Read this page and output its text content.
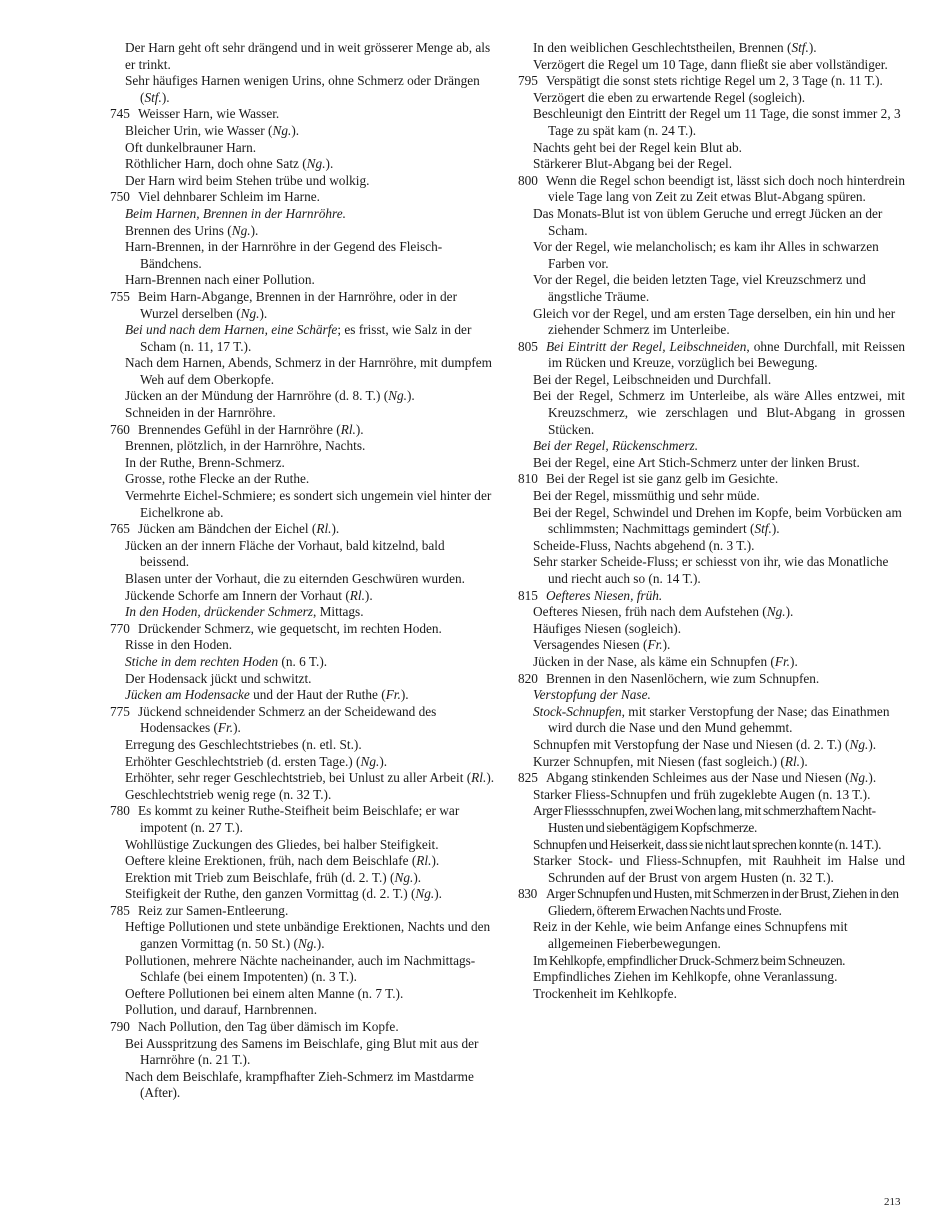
Der Harn geht oft sehr drängend und in weit grösserer Menge ab, als er trinkt.

Sehr häufiges Harnen wenigen Urins, ohne Schmerz oder Drängen (Stf.).

745 Weisser Harn, wie Wasser.

Bleicher Urin, wie Wasser (Ng.).

Oft dunkelbrauner Harn.

Röthlicher Harn, doch ohne Satz (Ng.).

Der Harn wird beim Stehen trübe und wolkig.

750 Viel dehnbarer Schleim im Harne.

Beim Harnen, Brennen in der Harnröhre.

Brennen des Urins (Ng.).

Harn-Brennen, in der Harnröhre in der Gegend des Fleisch-Bändchens.

Harn-Brennen nach einer Pollution.

755 Beim Harn-Abgange, Brennen in der Harnröhre, oder in der Wurzel derselben (Ng.).

Bei und nach dem Harnen, eine Schärfe; es frisst, wie Salz in der Scham (n. 11, 17 T.).

Nach dem Harnen, Abends, Schmerz in der Harnröhre, mit dumpfem Weh auf dem Oberkopfe.

Jücken an der Mündung der Harnröhre (d. 8. T.) (Ng.).

Schneiden in der Harnröhre.

760 Brennendes Gefühl in der Harnröhre (Rl.).

Brennen, plötzlich, in der Harnröhre, Nachts.

In der Ruthe, Brenn-Schmerz.

Grosse, rothe Flecke an der Ruthe.

Vermehrte Eichel-Schmiere; es sondert sich ungemein viel hinter der Eichelkrone ab.

765 Jücken am Bändchen der Eichel (Rl.).

Jücken an der innern Fläche der Vorhaut, bald kitzelnd, bald beissend.

Blasen unter der Vorhaut, die zu eiternden Geschwüren wurden.

Jückende Schorfe am Innern der Vorhaut (Rl.).

In den Hoden, drückender Schmerz, Mittags.

770 Drückender Schmerz, wie gequetscht, im rechten Hoden.

Risse in den Hoden.

Stiche in dem rechten Hoden (n. 6 T.).

Der Hodensack jückt und schwitzt.

Jücken am Hodensacke und der Haut der Ruthe (Fr.).

775 Jückend schneidender Schmerz an der Scheidewand des Hodensackes (Fr.).

Erregung des Geschlechtstriebes (n. etl. St.).

Erhöhter Geschlechtstrieb (d. ersten Tage.) (Ng.).

Erhöhter, sehr reger Geschlechtstrieb, bei Unlust zu aller Arbeit (Rl.).

Geschlechtstrieb wenig rege (n. 32 T.).

780 Es kommt zu keiner Ruthe-Steifheit beim Beischlafe; er war impotent (n. 27 T.).

Wohllüstige Zuckungen des Gliedes, bei halber Steifigkeit.

Oeftere kleine Erektionen, früh, nach dem Beischlafe (Rl.).

Erektion mit Trieb zum Beischlafe, früh (d. 2. T.) (Ng.).

Steifigkeit der Ruthe, den ganzen Vormittag (d. 2. T.) (Ng.).

785 Reiz zur Samen-Entleerung.

Heftige Pollutionen und stete unbändige Erektionen, Nachts und den ganzen Vormittag (n. 50 St.) (Ng.).

Pollutionen, mehrere Nächte nacheinander, auch im Nachmittags-Schlafe (bei einem Impotenten) (n. 3 T.).

Oeftere Pollutionen bei einem alten Manne (n. 7 T.).

Pollution, und darauf, Harnbrennen.

790 Nach Pollution, den Tag über dämisch im Kopfe.

Bei Ausspritzung des Samens im Beischlafe, ging Blut mit aus der Harnröhre (n. 21 T.).

Nach dem Beischlafe, krampfhafter Zieh-Schmerz im Mastdarme (After).

In den weiblichen Geschlechtstheilen, Brennen (Stf.).

Verzögert die Regel um 10 Tage, dann fließt sie aber vollständiger.

795 Verspätigt die sonst stets richtige Regel um 2, 3 Tage (n. 11 T.).

Verzögert die eben zu erwartende Regel (sogleich).

Beschleunigt den Eintritt der Regel um 11 Tage, die sonst immer 2, 3 Tage zu spät kam (n. 24 T.).

Nachts geht bei der Regel kein Blut ab.

Stärkerer Blut-Abgang bei der Regel.

800 Wenn die Regel schon beendigt ist, lässt sich doch noch hinterdrein viele Tage lang von Zeit zu Zeit etwas Blut-Abgang spüren.

Das Monats-Blut ist von üblem Geruche und erregt Jücken an der Scham.

Vor der Regel, wie melancholisch; es kam ihr Alles in schwarzen Farben vor.

Vor der Regel, die beiden letzten Tage, viel Kreuzschmerz und ängstliche Träume.

Gleich vor der Regel, und am ersten Tage derselben, ein hin und her ziehender Schmerz im Unterleibe.

805 Bei Eintritt der Regel, Leibschneiden, ohne Durchfall, mit Reissen im Rücken und Kreuze, vorzüglich bei Bewegung.

Bei der Regel, Leibschneiden und Durchfall.

Bei der Regel, Schmerz im Unterleibe, als wäre Alles entzwei, mit Kreuzschmerz, wie zerschlagen und Blut-Abgang in grossen Stücken.

Bei der Regel, Rückenschmerz.

Bei der Regel, eine Art Stich-Schmerz unter der linken Brust.

810 Bei der Regel ist sie ganz gelb im Gesichte.

Bei der Regel, missmüthig und sehr müde.

Bei der Regel, Schwindel und Drehen im Kopfe, beim Vorbücken am schlimmsten; Nachmittags gemindert (Stf.).

Scheide-Fluss, Nachts abgehend (n. 3 T.).

Sehr starker Scheide-Fluss; er schiesst von ihr, wie das Monatliche und riecht auch so (n. 14 T.).

815 Oefteres Niesen, früh.

Oefteres Niesen, früh nach dem Aufstehen (Ng.).

Häufiges Niesen (sogleich).

Versagendes Niesen (Fr.).

Jücken in der Nase, als käme ein Schnupfen (Fr.).

820 Brennen in den Nasenlöchern, wie zum Schnupfen.

Verstopfung der Nase.

Stock-Schnupfen, mit starker Verstopfung der Nase; das Einathmen wird durch die Nase und den Mund gehemmt.

Schnupfen mit Verstopfung der Nase und Niesen (d. 2. T.) (Ng.).

Kurzer Schnupfen, mit Niesen (fast sogleich.) (Rl.).

825 Abgang stinkenden Schleimes aus der Nase und Niesen (Ng.).

Starker Fliess-Schnupfen und früh zugeklebte Augen (n. 13 T.).

Arger Fliessschnupfen, zwei Wochen lang, mit schmerzhaftem Nacht-Husten und siebentägigem Kopfschmerze.

Schnupfen und Heiserkeit, dass sie nicht laut sprechen konnte (n. 14 T.).

Starker Stock- und Fliess-Schnupfen, mit Rauhheit im Halse und Schrunden auf der Brust von argem Husten (n. 32 T.).

830 Arger Schnupfen und Husten, mit Schmerzen in der Brust, Ziehen in den Gliedern, öfterem Erwachen Nachts und Froste.

Reiz in der Kehle, wie beim Anfange eines Schnupfens mit allgemeinen Fieberbewegungen.

Im Kehlkopfe, empfindlicher Druck-Schmerz beim Schneuzen.

Empfindliches Ziehen im Kehlkopfe, ohne Veranlassung.

Trockenheit im Kehlkopfe.

213
